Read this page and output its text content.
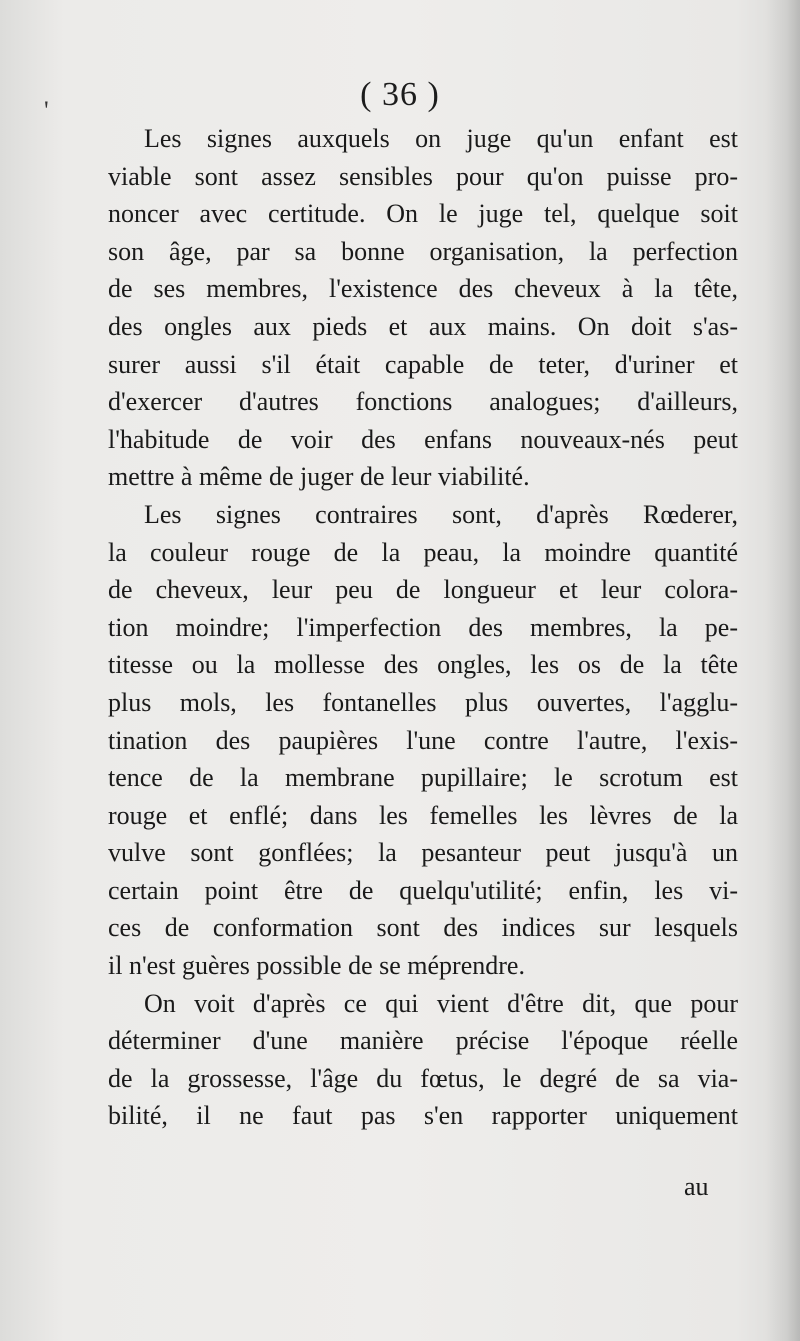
( 36 )
'
Les signes auxquels on juge qu'un enfant est
viable sont assez sensibles pour qu'on puisse pro-
noncer avec certitude. On le juge tel, quelque soit
son âge, par sa bonne organisation, la perfection
de ses membres, l'existence des cheveux à la tête,
des ongles aux pieds et aux mains. On doit s'as-
surer aussi s'il était capable de teter, d'uriner et
d'exercer d'autres fonctions analogues; d'ailleurs,
l'habitude de voir des enfans nouveaux-nés peut
mettre à même de juger de leur viabilité.
Les signes contraires sont, d'après Rœderer,
la couleur rouge de la peau, la moindre quantité
de cheveux, leur peu de longueur et leur colora-
tion moindre; l'imperfection des membres, la pe-
titesse ou la mollesse des ongles, les os de la tête
plus mols, les fontanelles plus ouvertes, l'agglu-
tination des paupières l'une contre l'autre, l'exis-
tence de la membrane pupillaire; le scrotum est
rouge et enflé; dans les femelles les lèvres de la
vulve sont gonflées; la pesanteur peut jusqu'à un
certain point être de quelqu'utilité; enfin, les vi-
ces de conformation sont des indices sur lesquels
il n'est guères possible de se méprendre.
On voit d'après ce qui vient d'être dit, que pour
déterminer d'une manière précise l'époque réelle
de la grossesse, l'âge du fœtus, le degré de sa via-
bilité, il ne faut pas s'en rapporter uniquement
au
